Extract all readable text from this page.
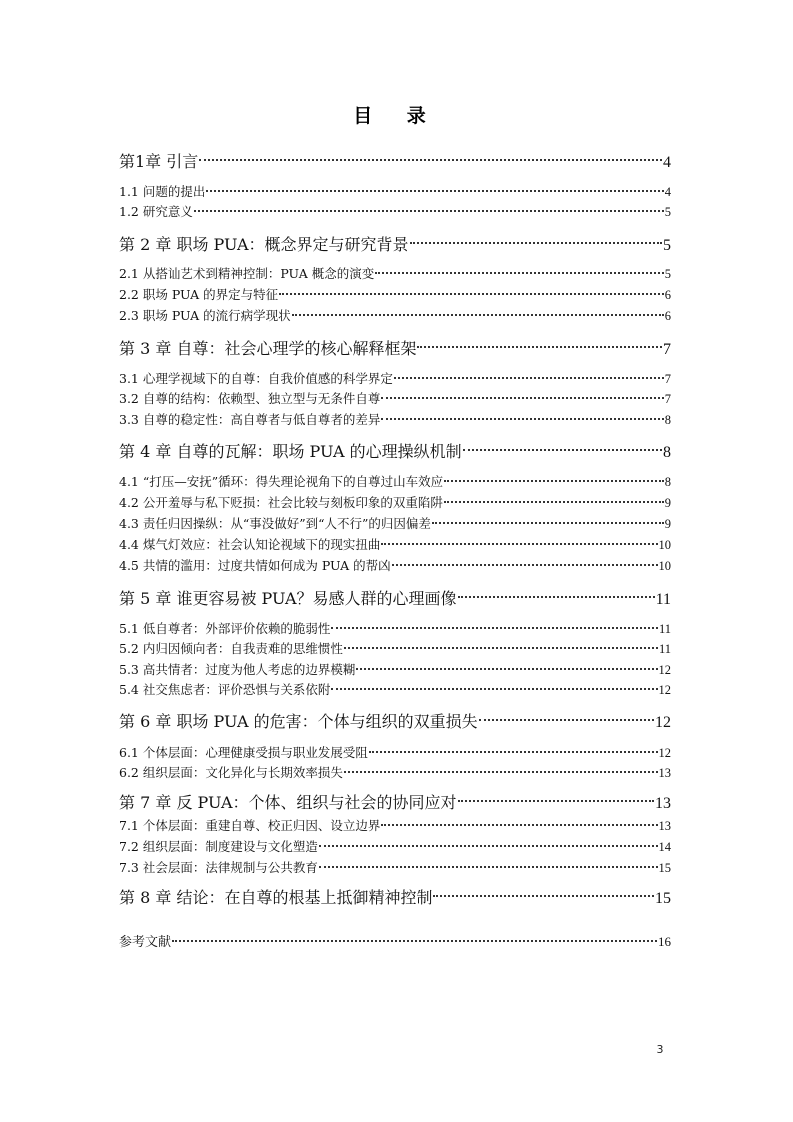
目 录
第1章 引言	4
1.1 问题的提出	4
1.2 研究意义	5
第 2 章 职场 PUA：概念界定与研究背景	5
2.1 从搭讪艺术到精神控制：PUA 概念的演变	5
2.2 职场 PUA 的界定与特征	6
2.3 职场 PUA 的流行病学现状	6
第 3 章 自尊：社会心理学的核心解释框架	7
3.1 心理学视域下的自尊：自我价值感的科学界定	7
3.2 自尊的结构：依赖型、独立型与无条件自尊	7
3.3 自尊的稳定性：高自尊者与低自尊者的差异	8
第 4 章 自尊的瓦解：职场 PUA 的心理操纵机制	8
4.1 “打压—安抚”循环：得失理论视角下的自尊过山车效应	8
4.2 公开羞辱与私下贬损：社会比较与刻板印象的双重陷阱	9
4.3 责任归因操纵：从“事没做好”到“人不行”的归因偏差	9
4.4 煤气灯效应：社会认知论视域下的现实扭曲	10
4.5 共情的滥用：过度共情如何成为 PUA 的帮凶	10
第 5 章 谁更容易被 PUA？易感人群的心理画像	11
5.1 低自尊者：外部评价依赖的脆弱性	11
5.2 内归因倾向者：自我责难的思维惯性	11
5.3 高共情者：过度为他人考虑的边界模糊	12
5.4 社交焦虑者：评价恐惧与关系依附	12
第 6 章 职场 PUA 的危害：个体与组织的双重损失	12
6.1 个体层面：心理健康受损与职业发展受阻	12
6.2 组织层面：文化异化与长期效率损失	13
第 7 章 反 PUA：个体、组织与社会的协同应对	13
7.1 个体层面：重建自尊、校正归因、设立边界	13
7.2 组织层面：制度建设与文化塑造	14
7.3 社会层面：法律规制与公共教育	15
第 8 章 结论：在自尊的根基上抵御精神控制	15
参考文献	16
3
